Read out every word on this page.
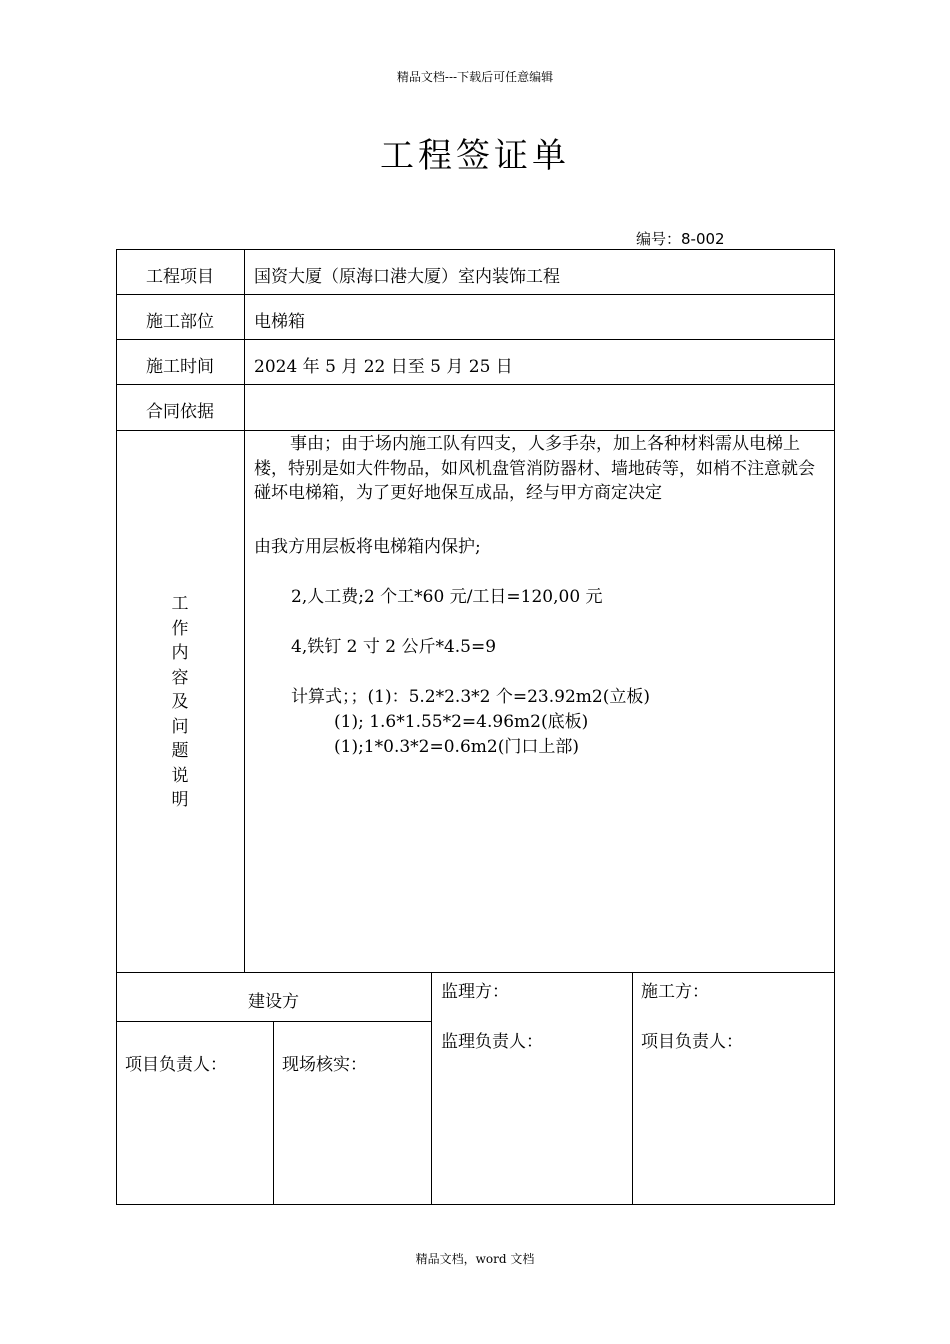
精品文档---下载后可任意编辑
工程签证单
编号：8-002
工程项目	国资大厦（原海口港大厦）室内装饰工程
施工部位	电梯箱
施工时间	2024 年 5 月 22 日至 5 月 25 日
合同依据
工
作
内
容
及
问
题
说
明
事由；由于场内施工队有四支，人多手杂，加上各种材料需从电梯上楼，特别是如大件物品，如风机盘管消防器材、墙地砖等，如梢不注意就会碰坏电梯箱，为了更好地保互成品，经与甲方商定决定
由我方用层板将电梯箱内保护;
2,人工费;2 个工*60 元/工日=120,00 元
4,铁钉 2 寸 2 公斤*4.5=9
计算式；；(1)：5.2*2.3*2 个=23.92m2(立板)
(1); 1.6*1.55*2=4.96m2(底板)
(1);1*0.3*2=0.6m2(门口上部)
建设方
项目负责人：	现场核实：
监理方：
监理负责人：
施工方：
项目负责人：
精品文档，word 文档
